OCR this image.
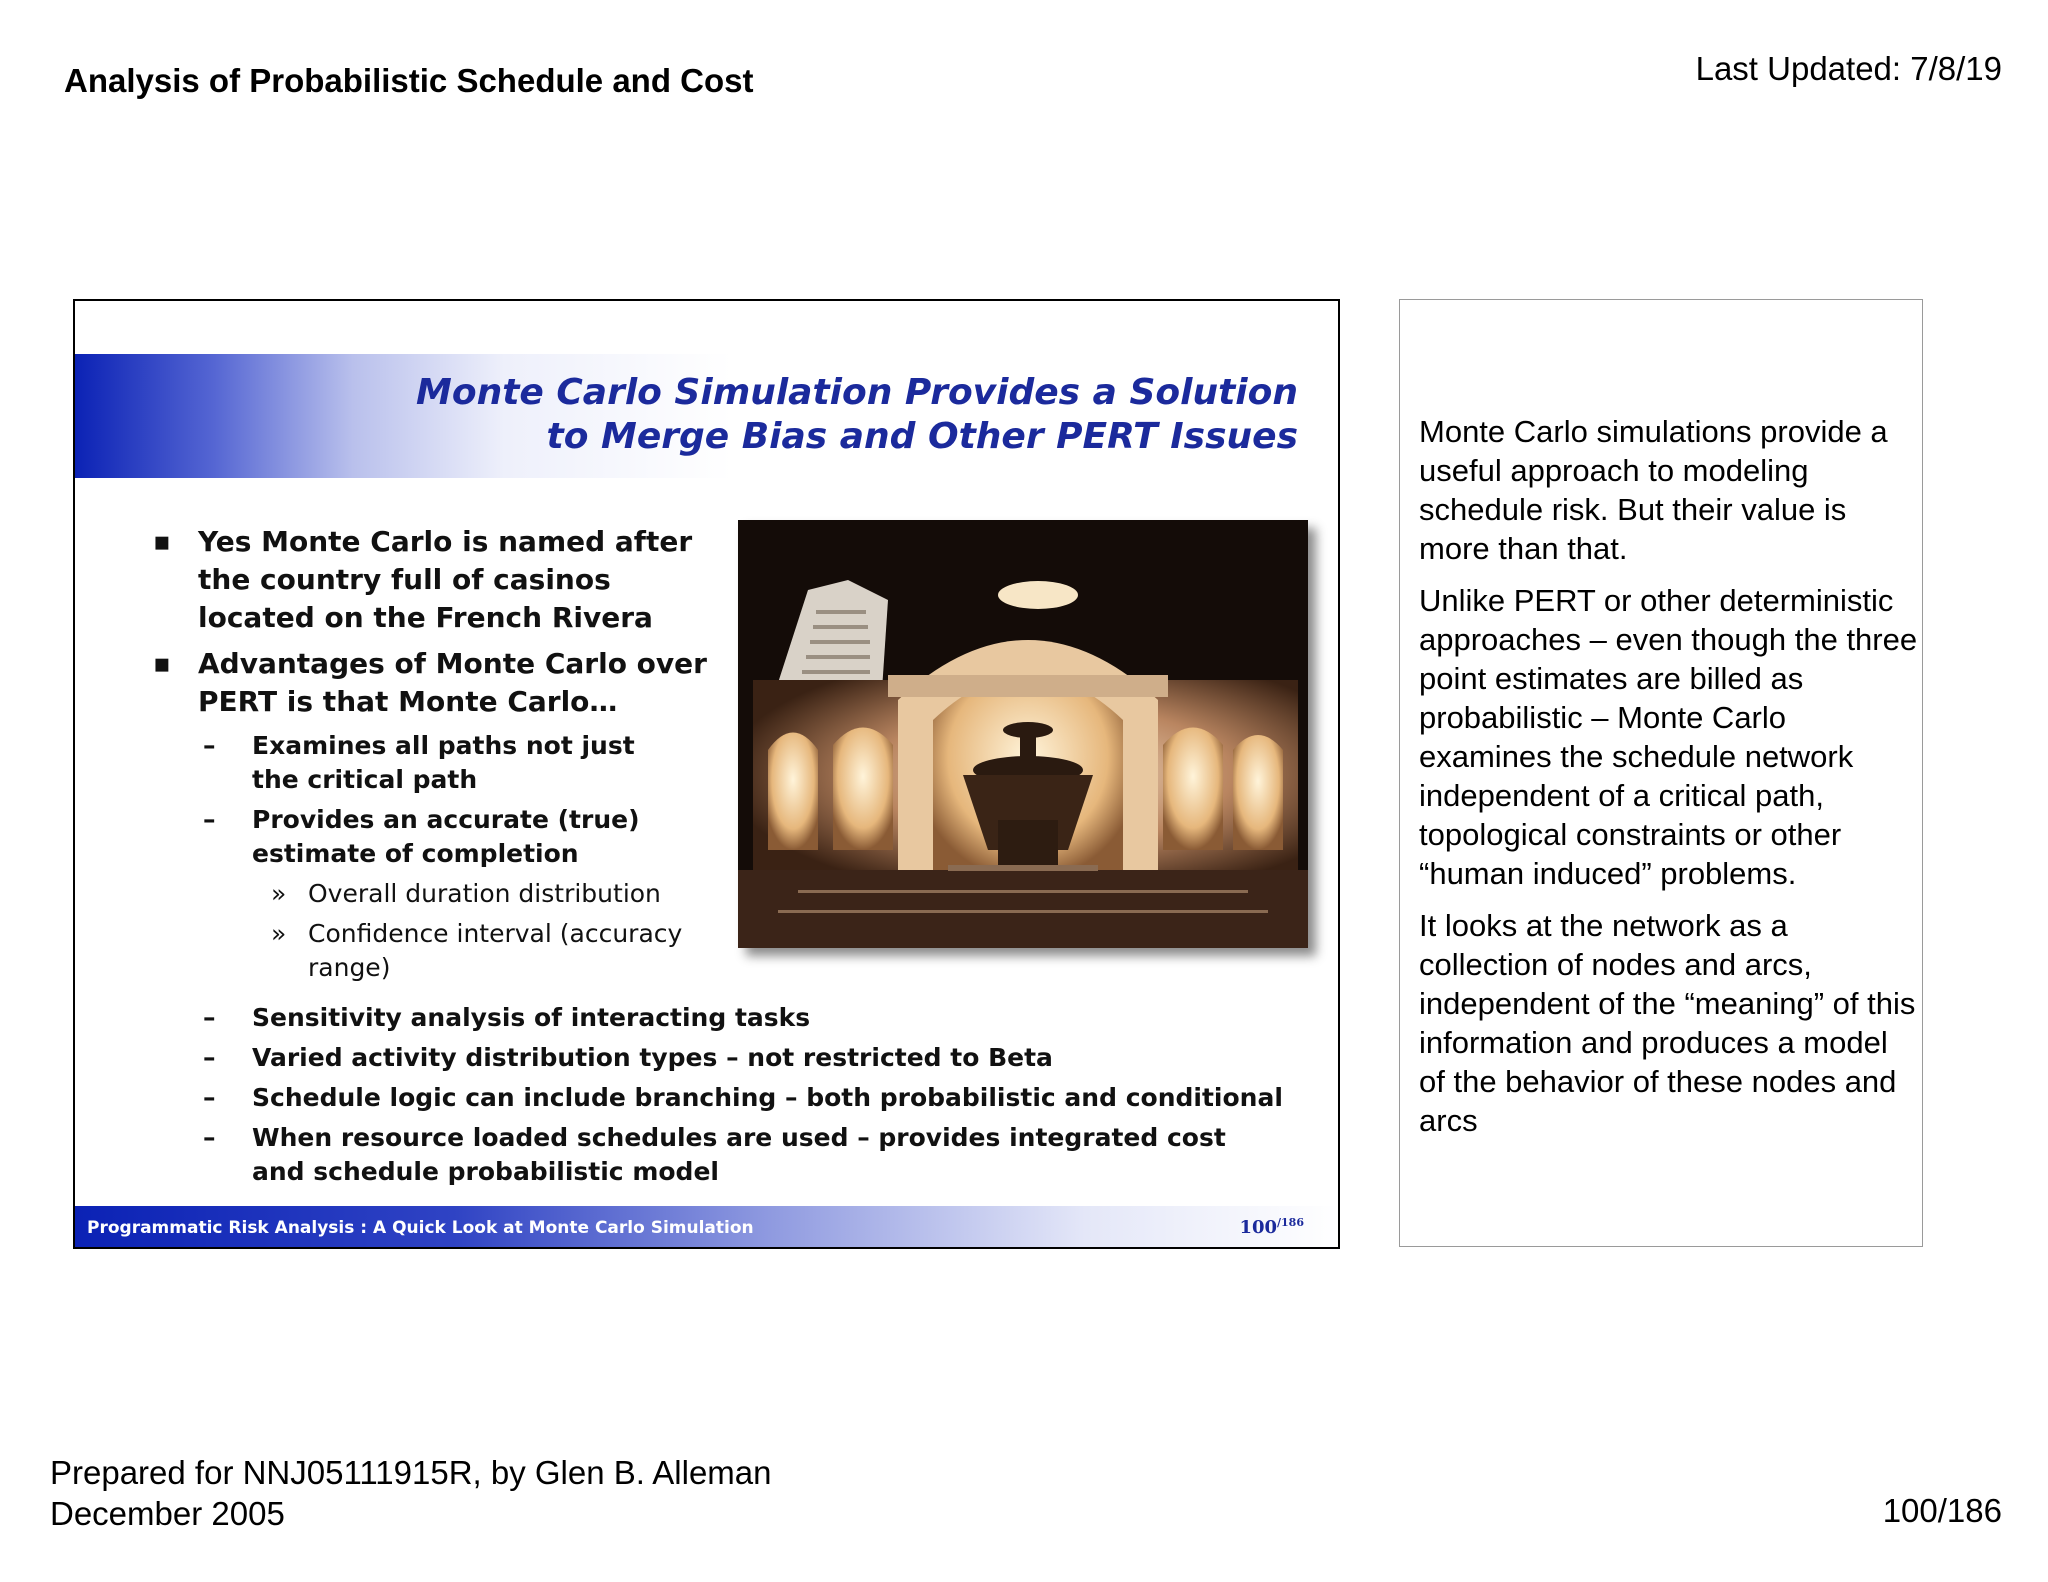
Analysis of Probabilistic Schedule and Cost	Last Updated: 7/8/19
Monte Carlo Simulation Provides a Solution
to Merge Bias and Other PERT Issues
▪ Yes Monte Carlo is named after
the country full of casinos
located on the French Rivera
▪ Advantages of Monte Carlo over
PERT is that Monte Carlo…
– Examines all paths not just the critical path
– Provides an accurate (true) estimate of completion
» Overall duration distribution
» Confidence interval (accuracy range)
– Sensitivity analysis of interacting tasks
– Varied activity distribution types – not restricted to Beta
– Schedule logic can include branching – both probabilistic and conditional
– When resource loaded schedules are used – provides integrated cost and schedule probabilistic model
Programmatic Risk Analysis : A Quick Look at Monte Carlo Simulation	$100^{/186}$

Monte Carlo simulations provide a useful approach to modeling schedule risk. But their value is more than that.

Unlike PERT or other deterministic approaches – even though the three point estimates are billed as probabilistic – Monte Carlo examines the schedule network independent of a critical path, topological constraints or other “human induced” problems.

It looks at the network as a collection of nodes and arcs, independent of the “meaning” of this information and produces a model of the behavior of these nodes and arcs

Prepared for NNJ05111915R, by Glen B. Alleman
December 2005	100/186
